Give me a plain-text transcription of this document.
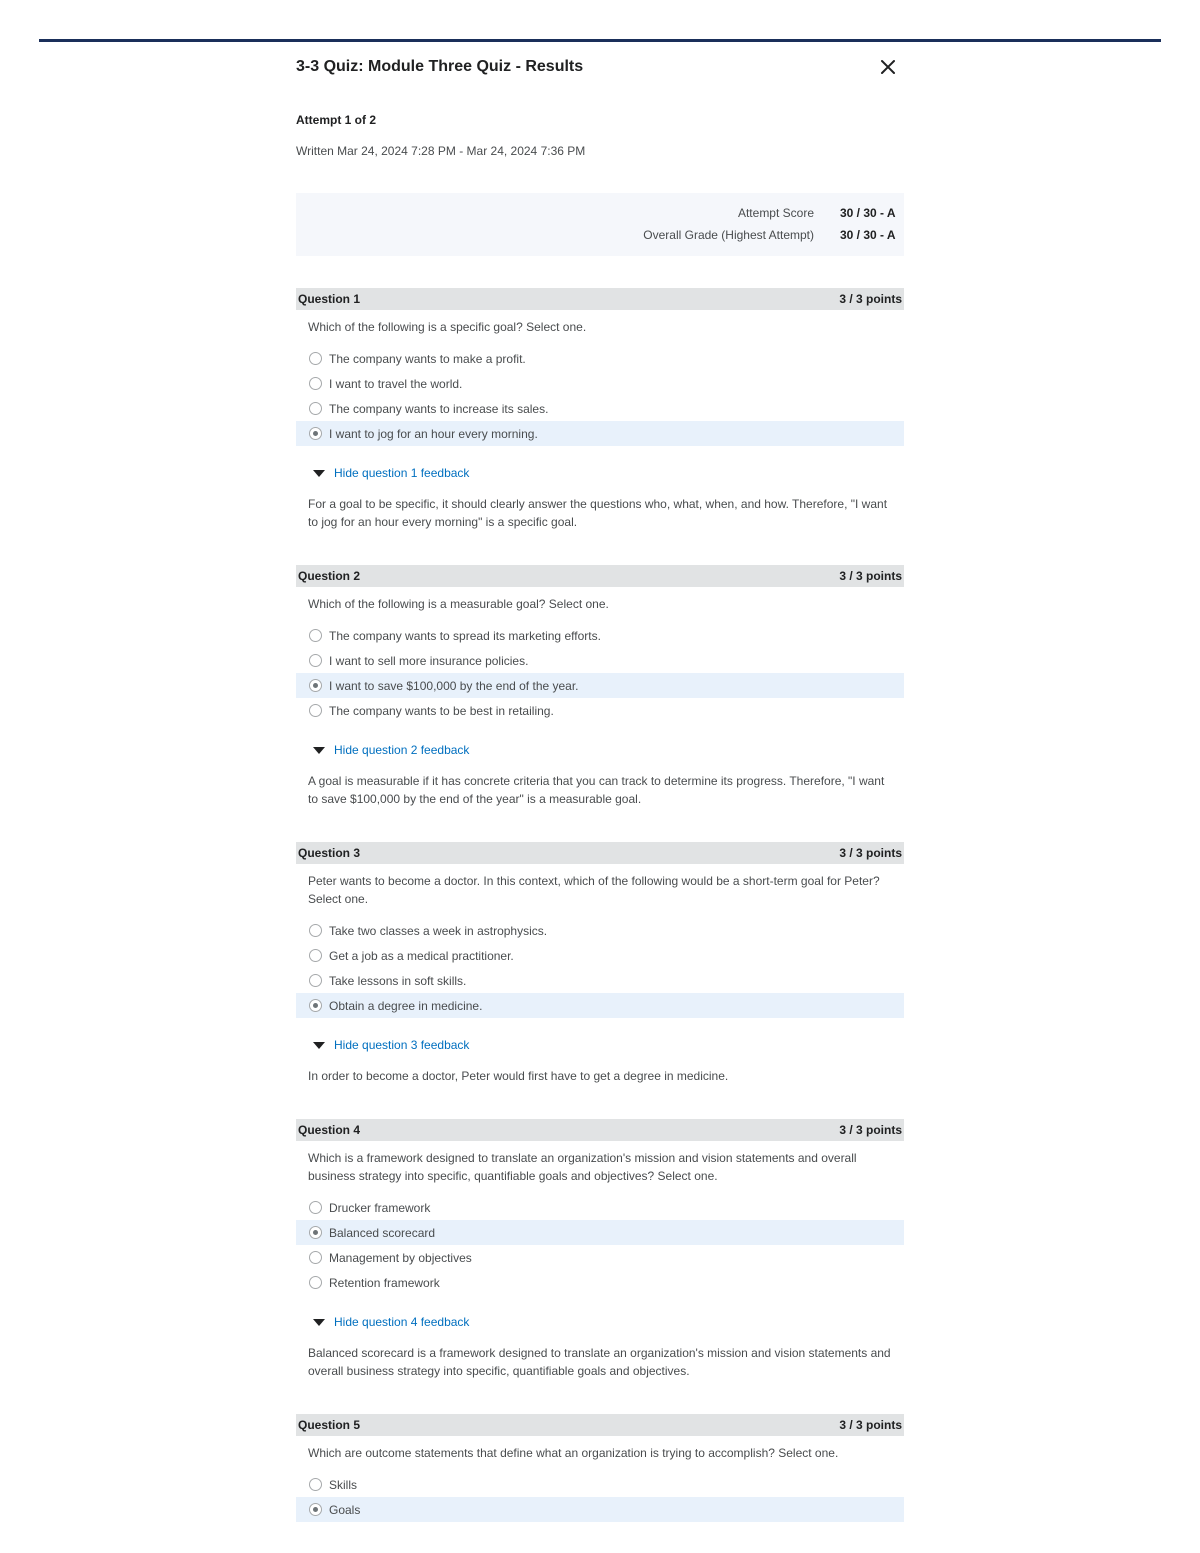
3-3 Quiz: Module Three Quiz - Results
Attempt 1 of 2
Written Mar 24, 2024 7:28 PM - Mar 24, 2024 7:36 PM
Attempt Score	30 / 30 - A
Overall Grade (Highest Attempt)	30 / 30 - A
Question 1	3 / 3 points
Which of the following is a specific goal? Select one.
The company wants to make a profit.
I want to travel the world.
The company wants to increase its sales.
I want to jog for an hour every morning.
Hide question 1 feedback
For a goal to be specific, it should clearly answer the questions who, what, when, and how. Therefore, "I want to jog for an hour every morning" is a specific goal.
Question 2	3 / 3 points
Which of the following is a measurable goal? Select one.
The company wants to spread its marketing efforts.
I want to sell more insurance policies.
I want to save $100,000 by the end of the year.
The company wants to be best in retailing.
Hide question 2 feedback
A goal is measurable if it has concrete criteria that you can track to determine its progress. Therefore, "I want to save $100,000 by the end of the year" is a measurable goal.
Question 3	3 / 3 points
Peter wants to become a doctor. In this context, which of the following would be a short-term goal for Peter? Select one.
Take two classes a week in astrophysics.
Get a job as a medical practitioner.
Take lessons in soft skills.
Obtain a degree in medicine.
Hide question 3 feedback
In order to become a doctor, Peter would first have to get a degree in medicine.
Question 4	3 / 3 points
Which is a framework designed to translate an organization's mission and vision statements and overall business strategy into specific, quantifiable goals and objectives? Select one.
Drucker framework
Balanced scorecard
Management by objectives
Retention framework
Hide question 4 feedback
Balanced scorecard is a framework designed to translate an organization's mission and vision statements and overall business strategy into specific, quantifiable goals and objectives.
Question 5	3 / 3 points
Which are outcome statements that define what an organization is trying to accomplish? Select one.
Skills
Goals
